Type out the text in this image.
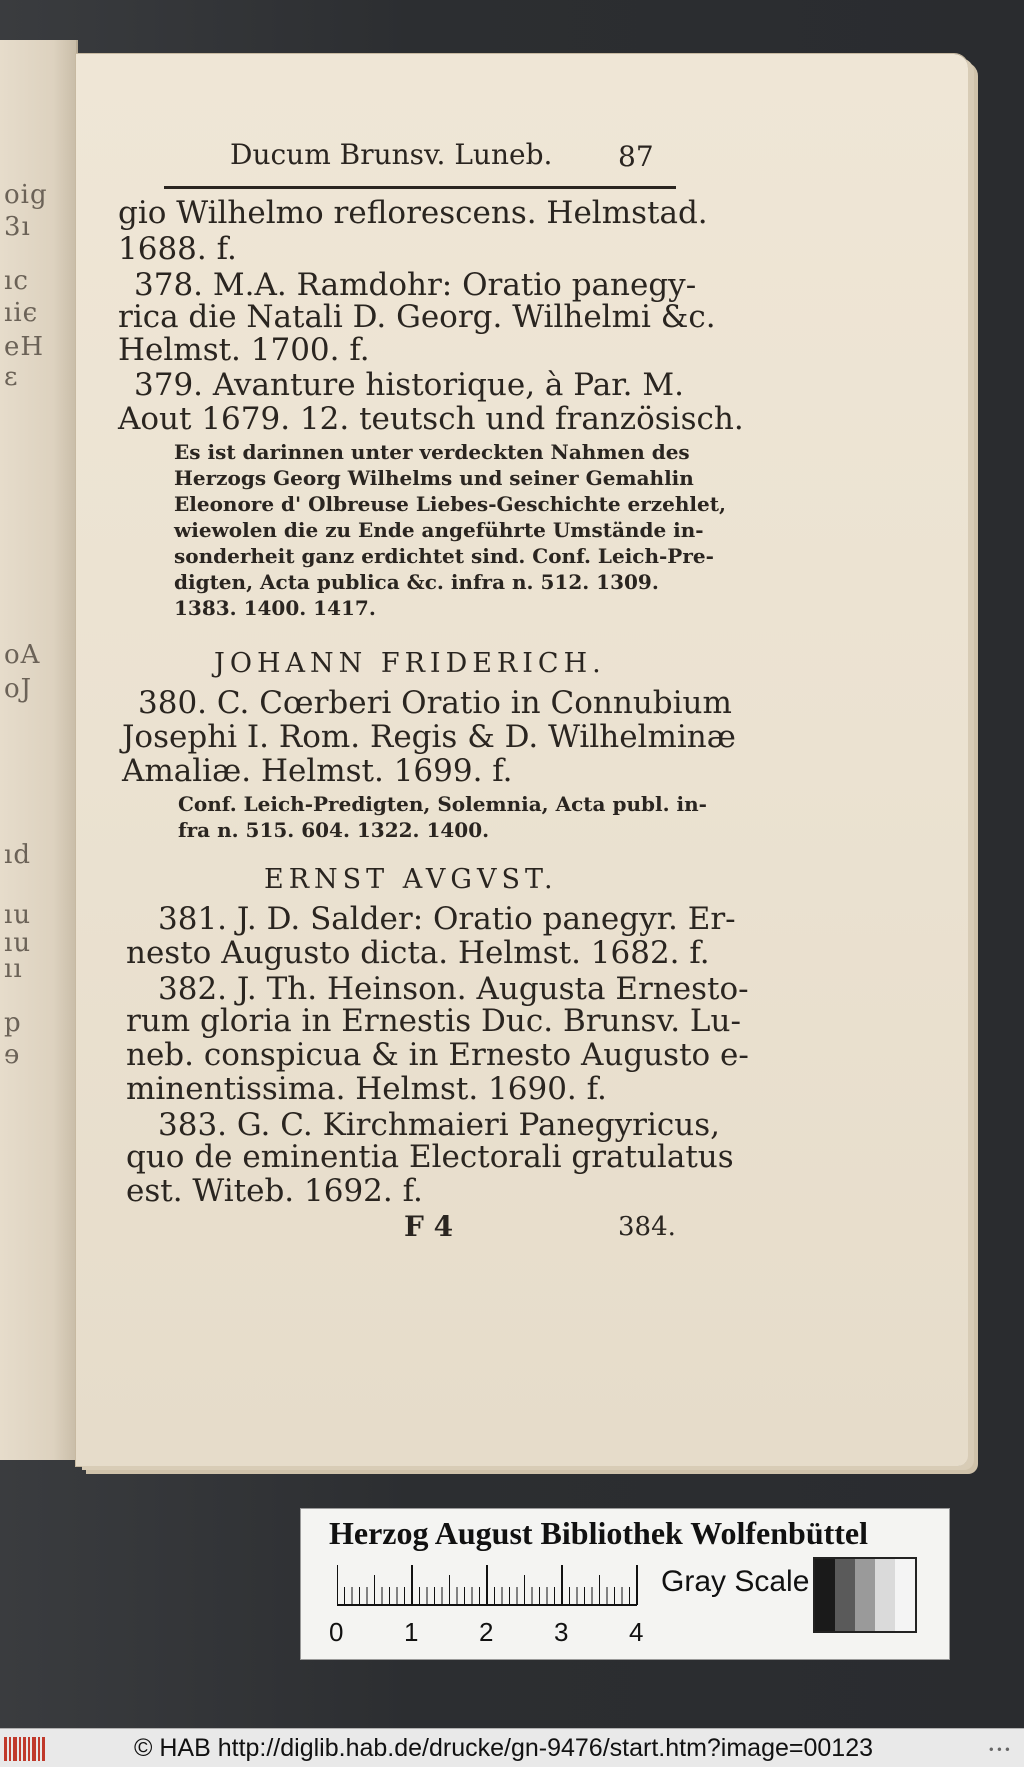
oig
3ı
ıс
ıiє
eH
ɛ
oA
oJ
ıd
ıu
ıu
ıı
p
ɘ
Ducum Brunsv. Luneb. 87
gio Wilhelmo reflorescens. Helmstad.
1688. f.
378. M.A. Ramdohr: Oratio panegy-
rica die Natali D. Georg. Wilhelmi &c.
Helmst. 1700. f.
379. Avanture historique, à Par. M.
Aout 1679. 12. teutsch und französisch.
Es ist darinnen unter verdeckten Nahmen des
Herzogs Georg Wilhelms und seiner Gemahlin
Eleonore d' Olbreuse Liebes-Geschichte erzehlet,
wiewolen die zu Ende angeführte Umstände in-
sonderheit ganz erdichtet sind. Conf. Leich-Pre-
digten, Acta publica &c. infra n. 512. 1309.
1383. 1400. 1417.
JOHANN FRIDERICH.
380. C. Cœrberi Oratio in Connubium
Josephi I. Rom. Regis & D. Wilhelminæ
Amaliæ. Helmst. 1699. f.
Conf. Leich-Predigten, Solemnia, Acta publ. in-
fra n. 515. 604. 1322. 1400.
ERNST AVGVST.
381. J. D. Salder: Oratio panegyr. Er-
nesto Augusto dicta. Helmst. 1682. f.
382. J. Th. Heinson. Augusta Ernesto-
rum gloria in Ernestis Duc. Brunsv. Lu-
neb. conspicua & in Ernesto Augusto e-
minentissima. Helmst. 1690. f.
383. G. C. Kirchmaieri Panegyricus,
quo de eminentia Electorali gratulatus
est. Witeb. 1692. f.
F 4	384.
Herzog August Bibliothek Wolfenbüttel
0 1 2 3 4
Gray Scale
© HAB http://diglib.hab.de/drucke/gn-9476/start.htm?image=00123	•••
